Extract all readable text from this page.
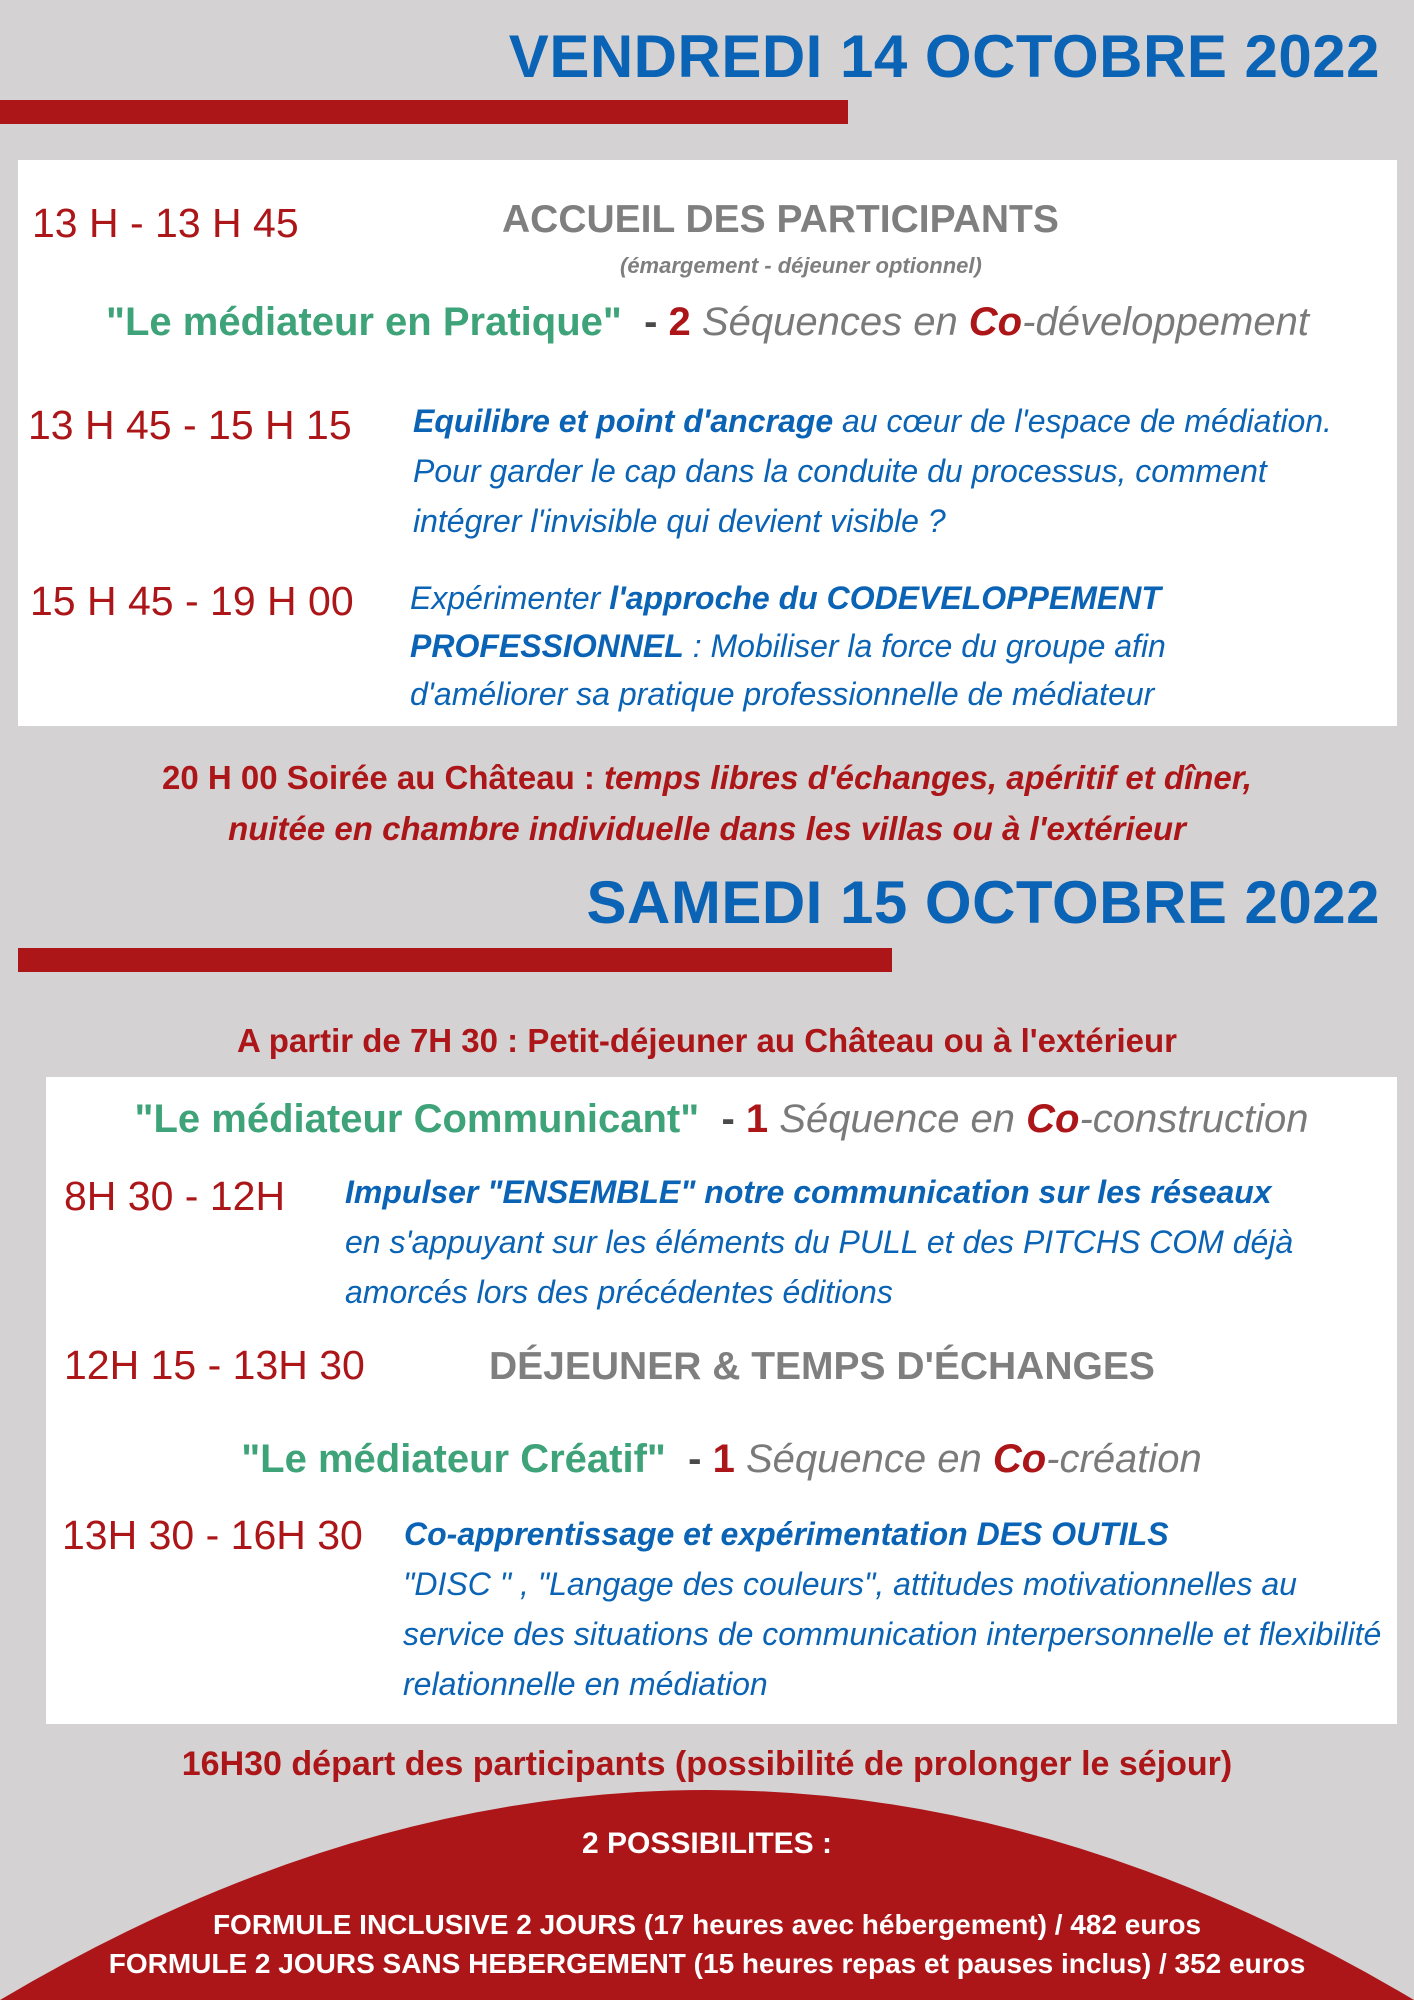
VENDREDI 14 OCTOBRE 2022
13 H - 13 H 45	ACCUEIL DES PARTICIPANTS
(émargement - déjeuner optionnel)
"Le médiateur en Pratique" - 2 Séquences en Co-développement
13 H 45 - 15 H 15 Equilibre et point d'ancrage au cœur de l'espace de médiation. Pour garder le cap dans la conduite du processus, comment intégrer l'invisible qui devient visible ?
15 H 45 - 19 H 00 Expérimenter l'approche du CODEVELOPPEMENT PROFESSIONNEL : Mobiliser la force du groupe afin d'améliorer sa pratique professionnelle de médiateur
20 H 00 Soirée au Château : temps libres d'échanges, apéritif et dîner,
nuitée en chambre individuelle dans les villas ou à l'extérieur
SAMEDI 15 OCTOBRE 2022
A partir de 7H 30 : Petit-déjeuner au Château ou à l'extérieur
"Le médiateur Communicant" - 1 Séquence en Co-construction
8H 30 - 12H Impulser "ENSEMBLE" notre communication sur les réseaux
en s'appuyant sur les éléments du PULL et des PITCHS COM déjà amorcés lors des précédentes éditions
12H 15 - 13H 30	DÉJEUNER & TEMPS D'ÉCHANGES
"Le médiateur Créatif" - 1 Séquence en Co-création
13H 30 - 16H 30 Co-apprentissage et expérimentation DES OUTILS
"DISC " , "Langage des couleurs", attitudes motivationnelles au service des situations de communication interpersonnelle et flexibilité relationnelle en médiation
16H30 départ des participants (possibilité de prolonger le séjour)
2 POSSIBILITES :
FORMULE INCLUSIVE 2 JOURS (17 heures avec hébergement) / 482 euros
FORMULE 2 JOURS SANS HEBERGEMENT (15 heures repas et pauses inclus) / 352 euros
